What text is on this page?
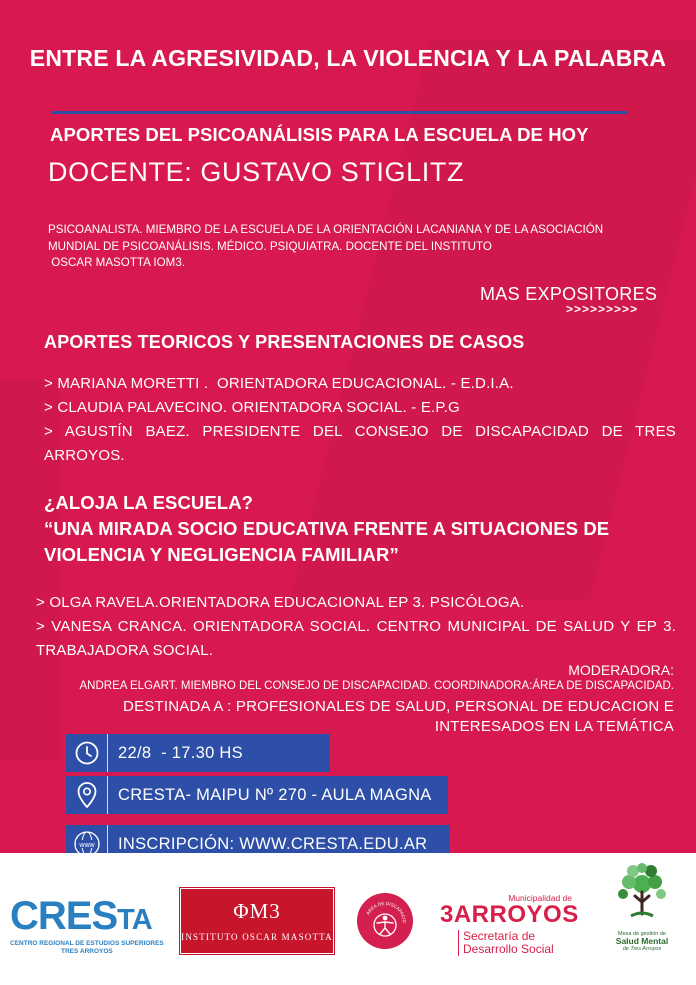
ENTRE LA AGRESIVIDAD, LA VIOLENCIA Y LA PALABRA
APORTES DEL PSICOANÁLISIS PARA LA ESCUELA DE HOY
DOCENTE: GUSTAVO STIGLITZ
PSICOANALISTA. MIEMBRO DE LA ESCUELA DE LA ORIENTACIÓN LACANIANA Y DE LA ASOCIACIÓN
MUNDIAL DE PSICOANÁLISIS. MÉDICO. PSIQUIATRA. DOCENTE DEL INSTITUTO
OSCAR MASOTTA IOM3.
MAS EXPOSITORES
>>>>>>>>>
APORTES TEORICOS Y PRESENTACIONES DE CASOS
> MARIANA MORETTI .  ORIENTADORA EDUCACIONAL. - E.D.I.A.
> CLAUDIA PALAVECINO. ORIENTADORA SOCIAL. - E.P.G
> AGUSTÍN BAEZ. PRESIDENTE DEL CONSEJO DE DISCAPACIDAD DE TRES ARROYOS.
¿ALOJA LA ESCUELA?
“UNA MIRADA SOCIO EDUCATIVA FRENTE A SITUACIONES DE VIOLENCIA Y NEGLIGENCIA FAMILIAR”
> OLGA RAVELA.ORIENTADORA EDUCACIONAL EP 3. PSICÓLOGA.
> VANESA CRANCA. ORIENTADORA SOCIAL. CENTRO MUNICIPAL DE SALUD Y EP 3. TRABAJADORA SOCIAL.
MODERADORA:
ANDREA ELGART. MIEMBRO DEL CONSEJO DE DISCAPACIDAD. COORDINADORA:ÁREA DE DISCAPACIDAD.
DESTINADA A : PROFESIONALES DE SALUD, PERSONAL DE EDUCACION E
INTERESADOS EN LA TEMÁTICA
22/8  - 17.30 HS
CRESTA- MAIPU Nº 270 - AULA MAGNA
www	INSCRIPCIÓN: WWW.CRESTA.EDU.AR
CRESTA
CENTRO REGIONAL DE ESTUDIOS SUPERIORES
TRES ARROYOS
ΦM3
INSTITUTO OSCAR MASOTTA
ÁREA DE DISCAPACID
Municipalidad de
3ARROYOS
Secretaría de
Desarrollo Social
Mesa de gestión de
Salud Mental
de Tres Arroyos
